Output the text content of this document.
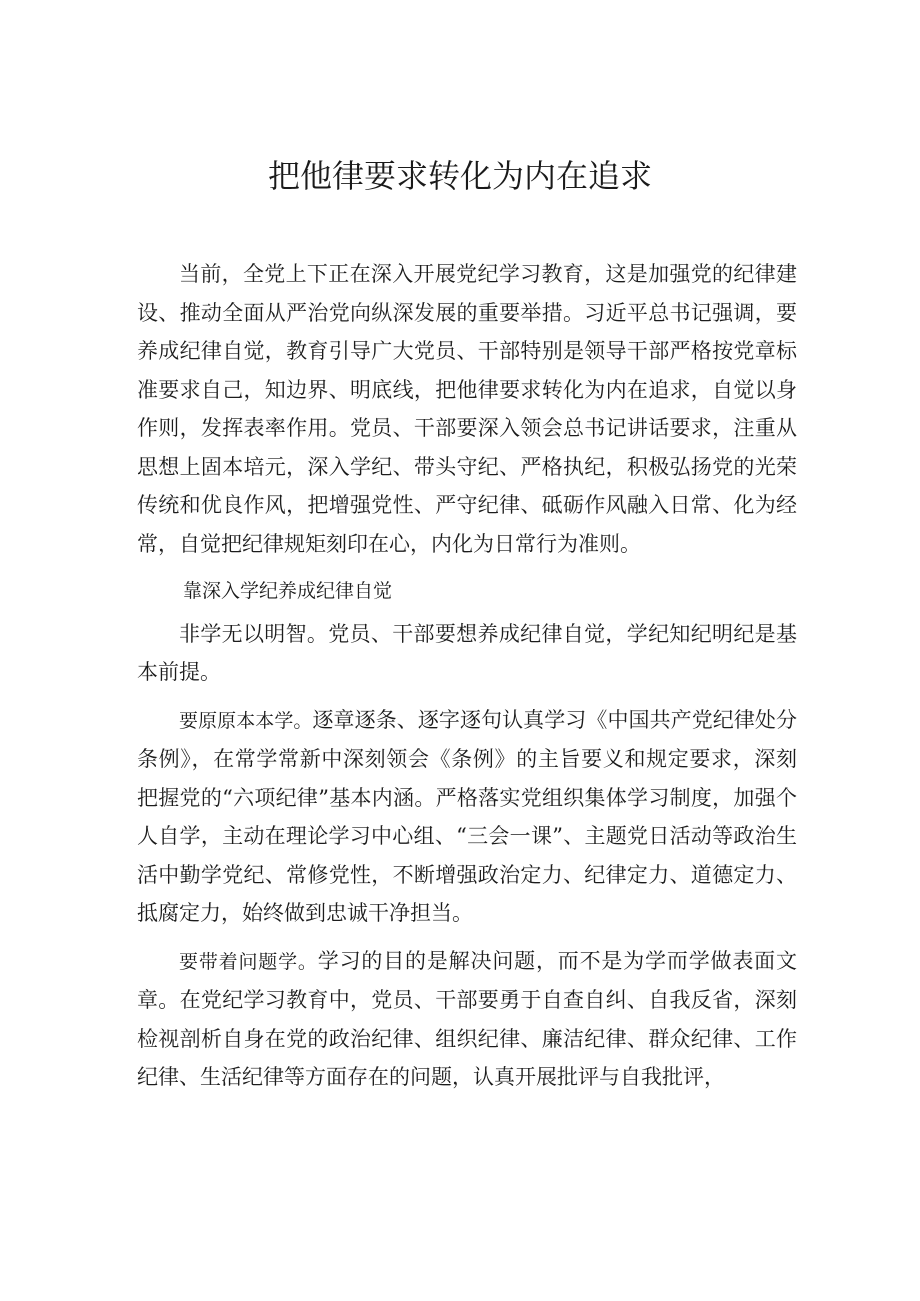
把他律要求转化为内在追求

当前，全党上下正在深入开展党纪学习教育，这是加强党的纪律建设、推动全面从严治党向纵深发展的重要举措。习近平总书记强调，要养成纪律自觉，教育引导广大党员、干部特别是领导干部严格按党章标准要求自己，知边界、明底线，把他律要求转化为内在追求，自觉以身作则，发挥表率作用。党员、干部要深入领会总书记讲话要求，注重从思想上固本培元，深入学纪、带头守纪、严格执纪，积极弘扬党的光荣传统和优良作风，把增强党性、严守纪律、砥砺作风融入日常、化为经常，自觉把纪律规矩刻印在心，内化为日常行为准则。

靠深入学纪养成纪律自觉

非学无以明智。党员、干部要想养成纪律自觉，学纪知纪明纪是基本前提。

要原原本本学。逐章逐条、逐字逐句认真学习《中国共产党纪律处分条例》，在常学常新中深刻领会《条例》的主旨要义和规定要求，深刻把握党的“六项纪律”基本内涵。严格落实党组织集体学习制度，加强个人自学，主动在理论学习中心组、“三会一课”、主题党日活动等政治生活中勤学党纪、常修党性，不断增强政治定力、纪律定力、道德定力、抵腐定力，始终做到忠诚干净担当。

要带着问题学。学习的目的是解决问题，而不是为学而学做表面文章。在党纪学习教育中，党员、干部要勇于自查自纠、自我反省，深刻检视剖析自身在党的政治纪律、组织纪律、廉洁纪律、群众纪律、工作纪律、生活纪律等方面存在的问题，认真开展批评与自我批评，
